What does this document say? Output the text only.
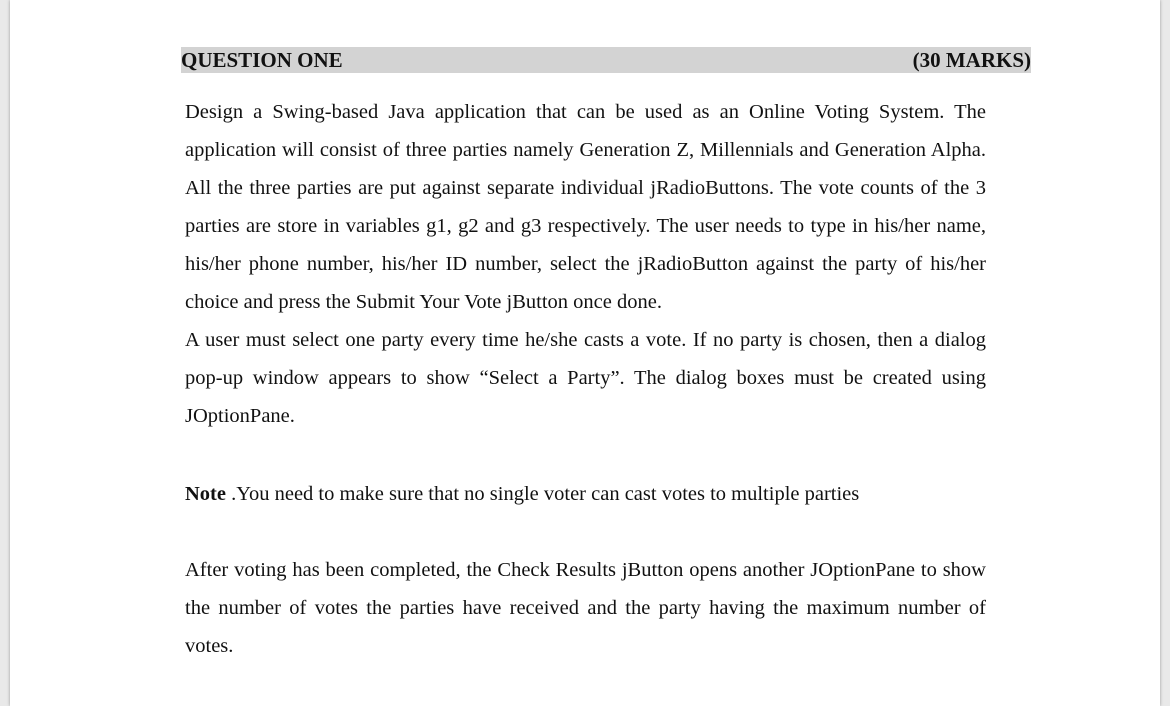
QUESTION ONE	(30 MARKS)

Design a Swing-based Java application that can be used as an Online Voting System. The application will consist of three parties namely Generation Z, Millennials and Generation Alpha. All the three parties are put against separate individual jRadioButtons. The vote counts of the 3 parties are store in variables g1, g2 and g3 respectively. The user needs to type in his/her name, his/her phone number, his/her ID number, select the jRadioButton against the party of his/her choice and press the Submit Your Vote jButton once done.

A user must select one party every time he/she casts a vote. If no party is chosen, then a dialog pop-up window appears to show “Select a Party”. The dialog boxes must be created using JOptionPane.

Note .You need to make sure that no single voter can cast votes to multiple parties

After voting has been completed, the Check Results jButton opens another JOptionPane to show the number of votes the parties have received and the party having the maximum number of votes.
